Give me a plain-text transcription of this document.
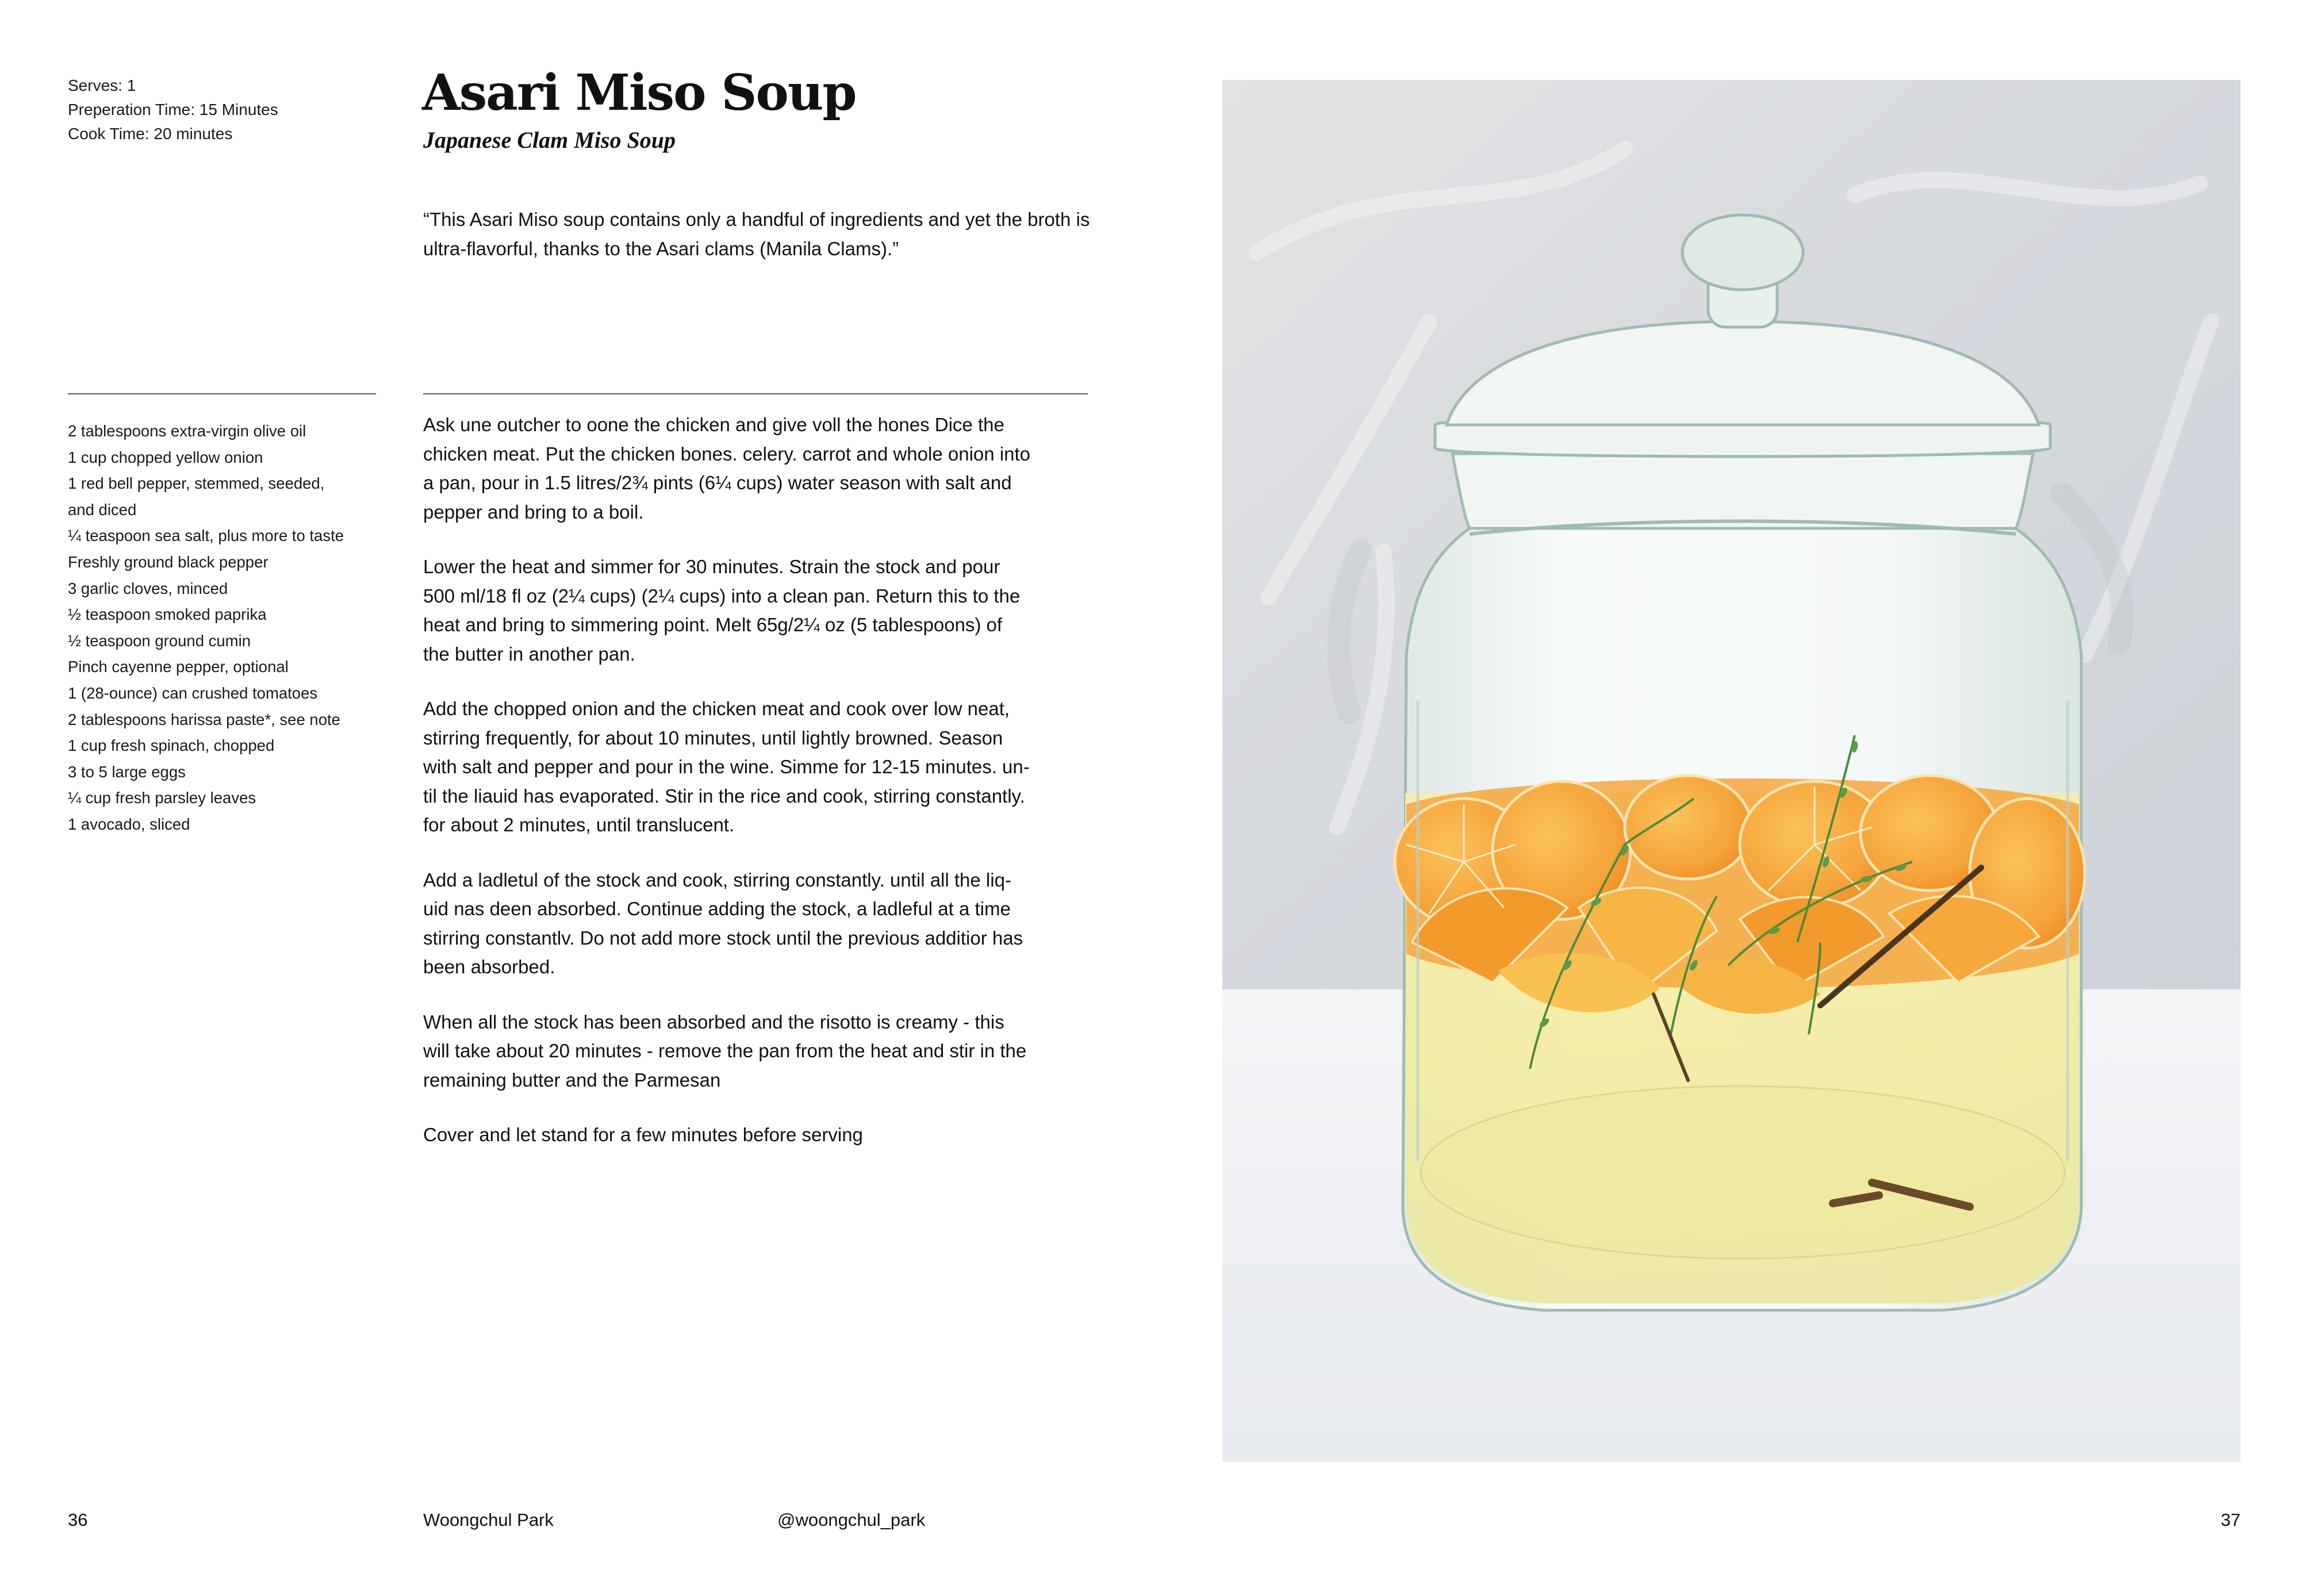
Serves: 1
Preperation Time: 15 Minutes
Cook Time: 20 minutes
Asari Miso Soup
Japanese Clam Miso Soup

“This Asari Miso soup contains only a handful of ingredients and yet the broth is ultra-flavorful, thanks to the Asari clams (Manila Clams).”

2 tablespoons extra-virgin olive oil
1 cup chopped yellow onion
1 red bell pepper, stemmed, seeded,
and diced
¼ teaspoon sea salt, plus more to taste
Freshly ground black pepper
3 garlic cloves, minced
½ teaspoon smoked paprika
½ teaspoon ground cumin
Pinch cayenne pepper, optional
1 (28-ounce) can crushed tomatoes
2 tablespoons harissa paste*, see note
1 cup fresh spinach, chopped
3 to 5 large eggs
¼ cup fresh parsley leaves
1 avocado, sliced

Ask une outcher to oone the chicken and give voll the hones Dice the
chicken meat. Put the chicken bones. celery. carrot and whole onion into
a pan, pour in 1.5 litres/2¾ pints (6¼ cups) water season with salt and
pepper and bring to a boil.

Lower the heat and simmer for 30 minutes. Strain the stock and pour
500 ml/18 fl oz (2¼ cups) (2¼ cups) into a clean pan. Return this to the
heat and bring to simmering point. Melt 65g/2¼ oz (5 tablespoons) of
the butter in another pan.

Add the chopped onion and the chicken meat and cook over low neat,
stirring frequently, for about 10 minutes, until lightly browned. Season
with salt and pepper and pour in the wine. Simme for 12-15 minutes. un-
til the liauid has evaporated. Stir in the rice and cook, stirring constantly.
for about 2 minutes, until translucent.

Add a ladletul of the stock and cook, stirring constantly. until all the liq-
uid nas deen absorbed. Continue adding the stock, a ladleful at a time
stirring constantlv. Do not add more stock until the previous additior has
been absorbed.

When all the stock has been absorbed and the risotto is creamy - this
will take about 20 minutes - remove the pan from the heat and stir in the
remaining butter and the Parmesan

Cover and let stand for a few minutes before serving

36	Woongchul Park	@woongchul_park	37
